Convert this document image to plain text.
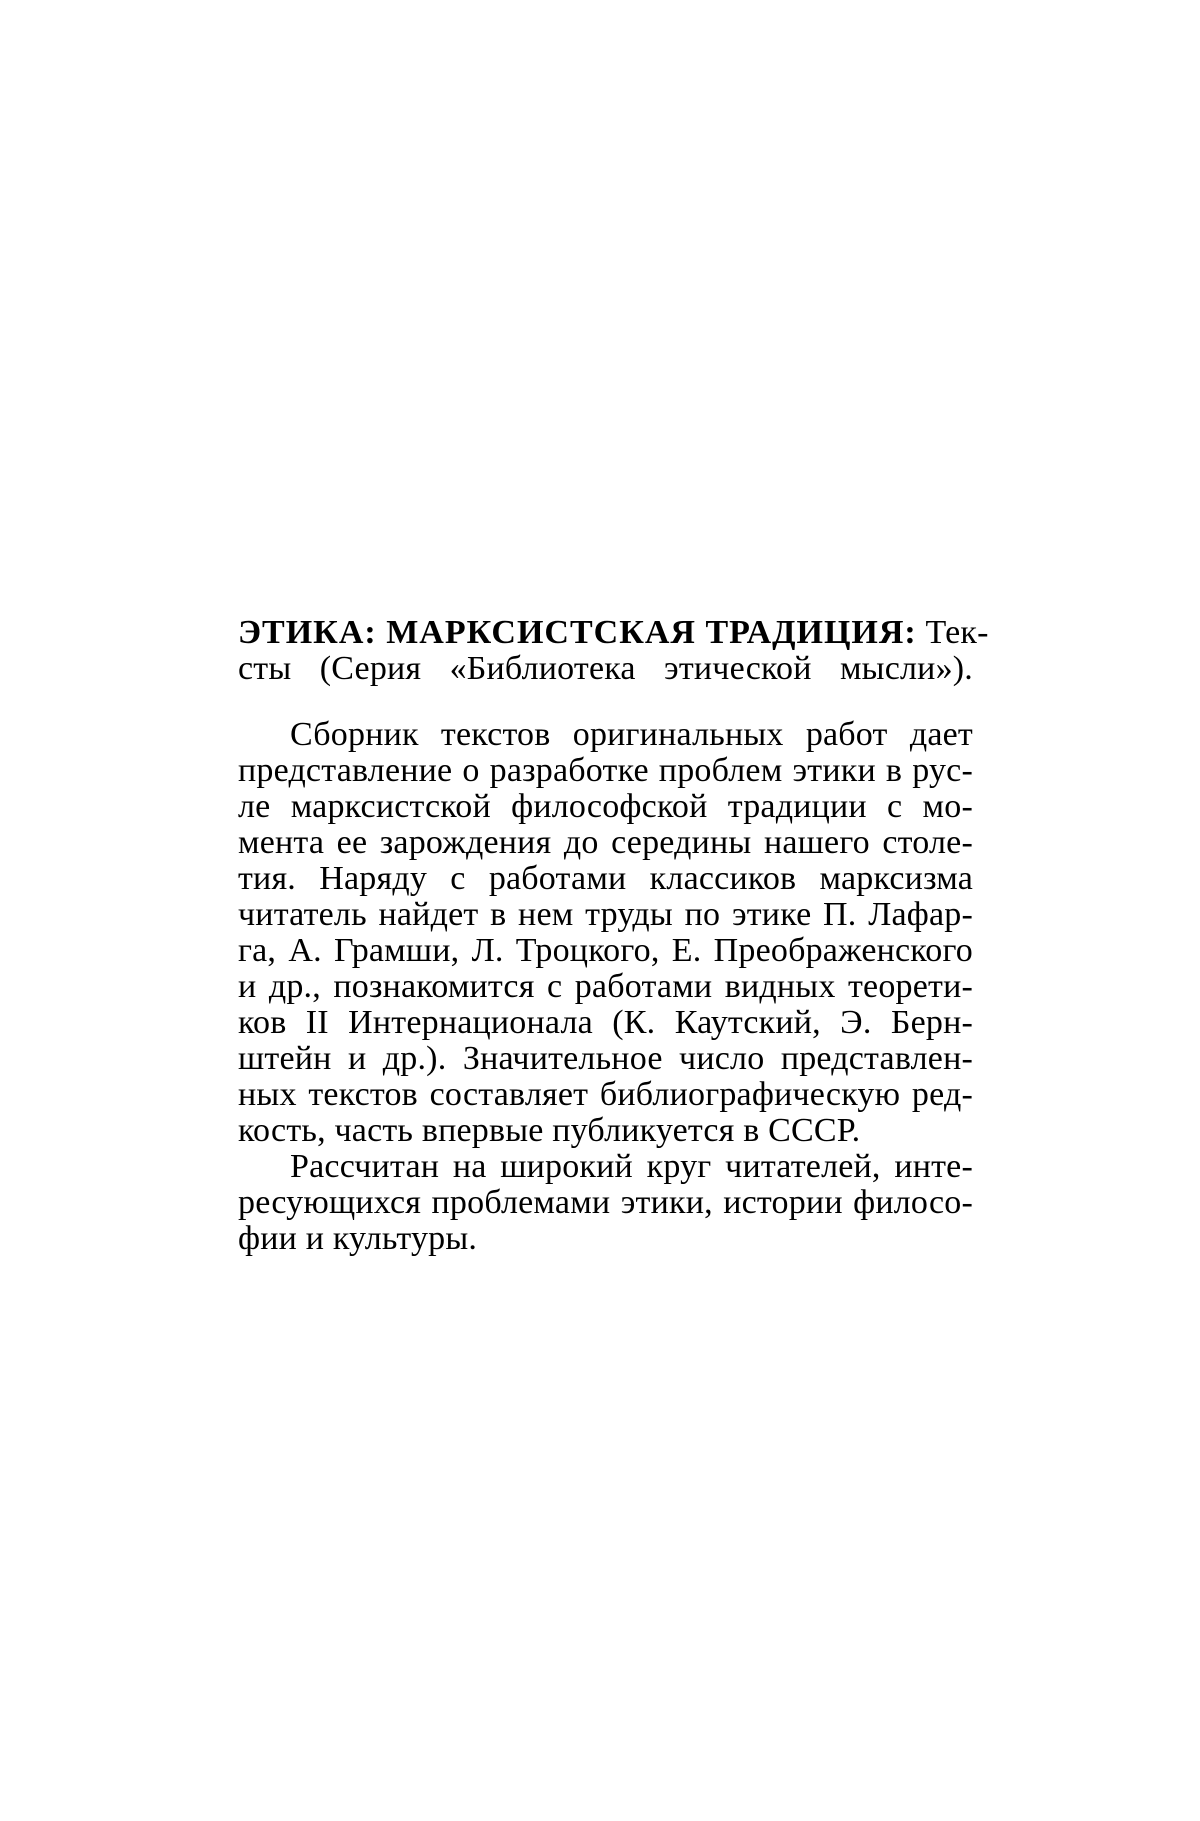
ЭТИКА: МАРКСИСТСКАЯ ТРАДИЦИЯ: Тек-
сты (Серия «Библиотека этической мысли»).
Сборник текстов оригинальных работ дает
представление о разработке проблем этики в рус-
ле марксистской философской традиции с мо-
мента ее зарождения до середины нашего столе-
тия. Наряду с работами классиков марксизма
читатель найдет в нем труды по этике П. Лафар-
га, А. Грамши, Л. Троцкого, Е. Преображенского
и др., познакомится с работами видных теорети-
ков II Интернационала (К. Каутский, Э. Берн-
штейн и др.). Значительное число представлен-
ных текстов составляет библиографическую ред-
кость, часть впервые публикуется в СССР.
Рассчитан на широкий круг читателей, инте-
ресующихся проблемами этики, истории филосо-
фии и культуры.
